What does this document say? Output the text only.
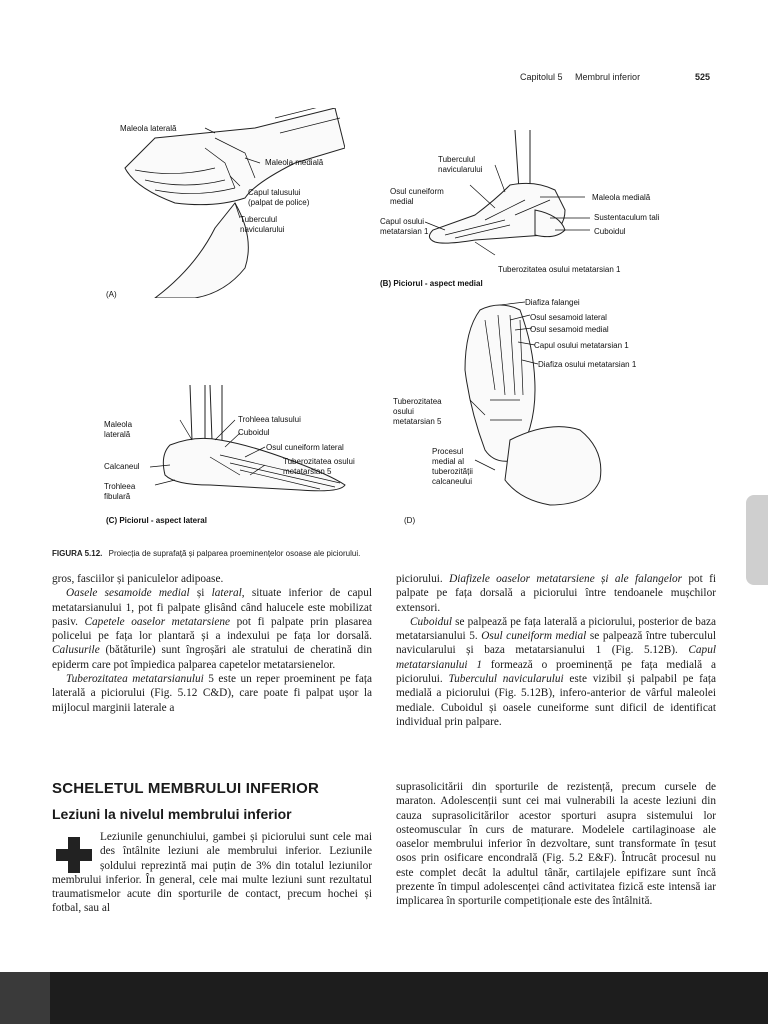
Capitolul 5 Membrul inferior	525
Maleola laterală
Maleola medială
Capul talusului
(palpat de police)
Tuberculul
navicularului
(A)
Tuberculul
navicularului
Osul cuneiform
medial
Capul osului
metatarsian 1
Maleola medială
Sustentaculum tali
Cuboidul
Tuberozitatea osului metatarsian 1
(B) Piciorul - aspect medial
Diafiza falangei
Osul sesamoid lateral
Osul sesamoid medial
Capul osului metatarsian 1
Diafiza osului metatarsian 1
Tuberozitatea
osului
metatarsian 5
Procesul
medial al
tuberozității
calcaneului
(D)
Maleola
laterală
Calcaneul
Trohleea
fibulară
Trohleea talusului
Cuboidul
Osul cuneiform lateral
Tuberozitatea osului
metatarsian 5
(C) Piciorul - aspect lateral
FIGURA 5.12. Proiecția de suprafață și palparea proeminențelor osoase ale piciorului.

gros, fasciilor și paniculelor adipoase.

Oasele sesamoide medial și lateral, situate inferior de capul metatarsianului 1, pot fi palpate glisând când halucele este mobilizat pasiv. Capetele oaselor metatarsiene pot fi palpate prin plasarea policelui pe fața lor plantară și a indexului pe fața lor dorsală. Calusurile (bătăturile) sunt îngroșări ale stratului de cheratină din epiderm care pot împiedica palparea capetelor metatarsienelor.

Tuberozitatea metatarsianului 5 este un reper proeminent pe fața laterală a piciorului (Fig. 5.12 C&D), care poate fi palpat ușor la mijlocul marginii laterale a

piciorului. Diafizele oaselor metatarsiene și ale falangelor pot fi palpate pe fața dorsală a piciorului între tendoanele mușchilor extensori.

Cuboidul se palpează pe fața laterală a piciorului, posterior de baza metatarsianului 5. Osul cuneiform medial se palpează între tuberculul navicularului și baza metatarsianului 1 (Fig. 5.12B). Capul metatarsianului 1 formează o proeminență pe fața medială a piciorului. Tuberculul navicularului este vizibil și palpabil pe fața medială a piciorului (Fig. 5.12B), infero-anterior de vârful maleolei mediale. Cuboidul și oasele cuneiforme sunt dificil de identificat individual prin palpare.

SCHELETUL MEMBRULUI INFERIOR
Leziuni la nivelul membrului inferior

Leziunile genunchiului, gambei și piciorului sunt cele mai des întâlnite leziuni ale membrului inferior. Leziunile șoldului reprezintă mai puțin de 3% din totalul leziunilor membrului inferior. În general, cele mai multe leziuni sunt rezultatul traumatismelor acute din sporturile de contact, precum hochei și fotbal, sau al

suprasolicitării din sporturile de rezistență, precum cursele de maraton. Adolescenții sunt cei mai vulnerabili la aceste leziuni din cauza suprasolicitărilor acestor sporturi asupra sistemului lor osteomuscular în curs de maturare. Modelele cartilaginoase ale oaselor membrului inferior în dezvoltare, sunt transformate în țesut osos prin osificare encondrală (Fig. 5.2 E&F). Întrucât procesul nu este complet decât la adultul tânăr, cartilajele epifizare sunt încă prezente în timpul adolescenței când activitatea fizică este intensă iar implicarea în sporturile competiționale este des întâlnită.
